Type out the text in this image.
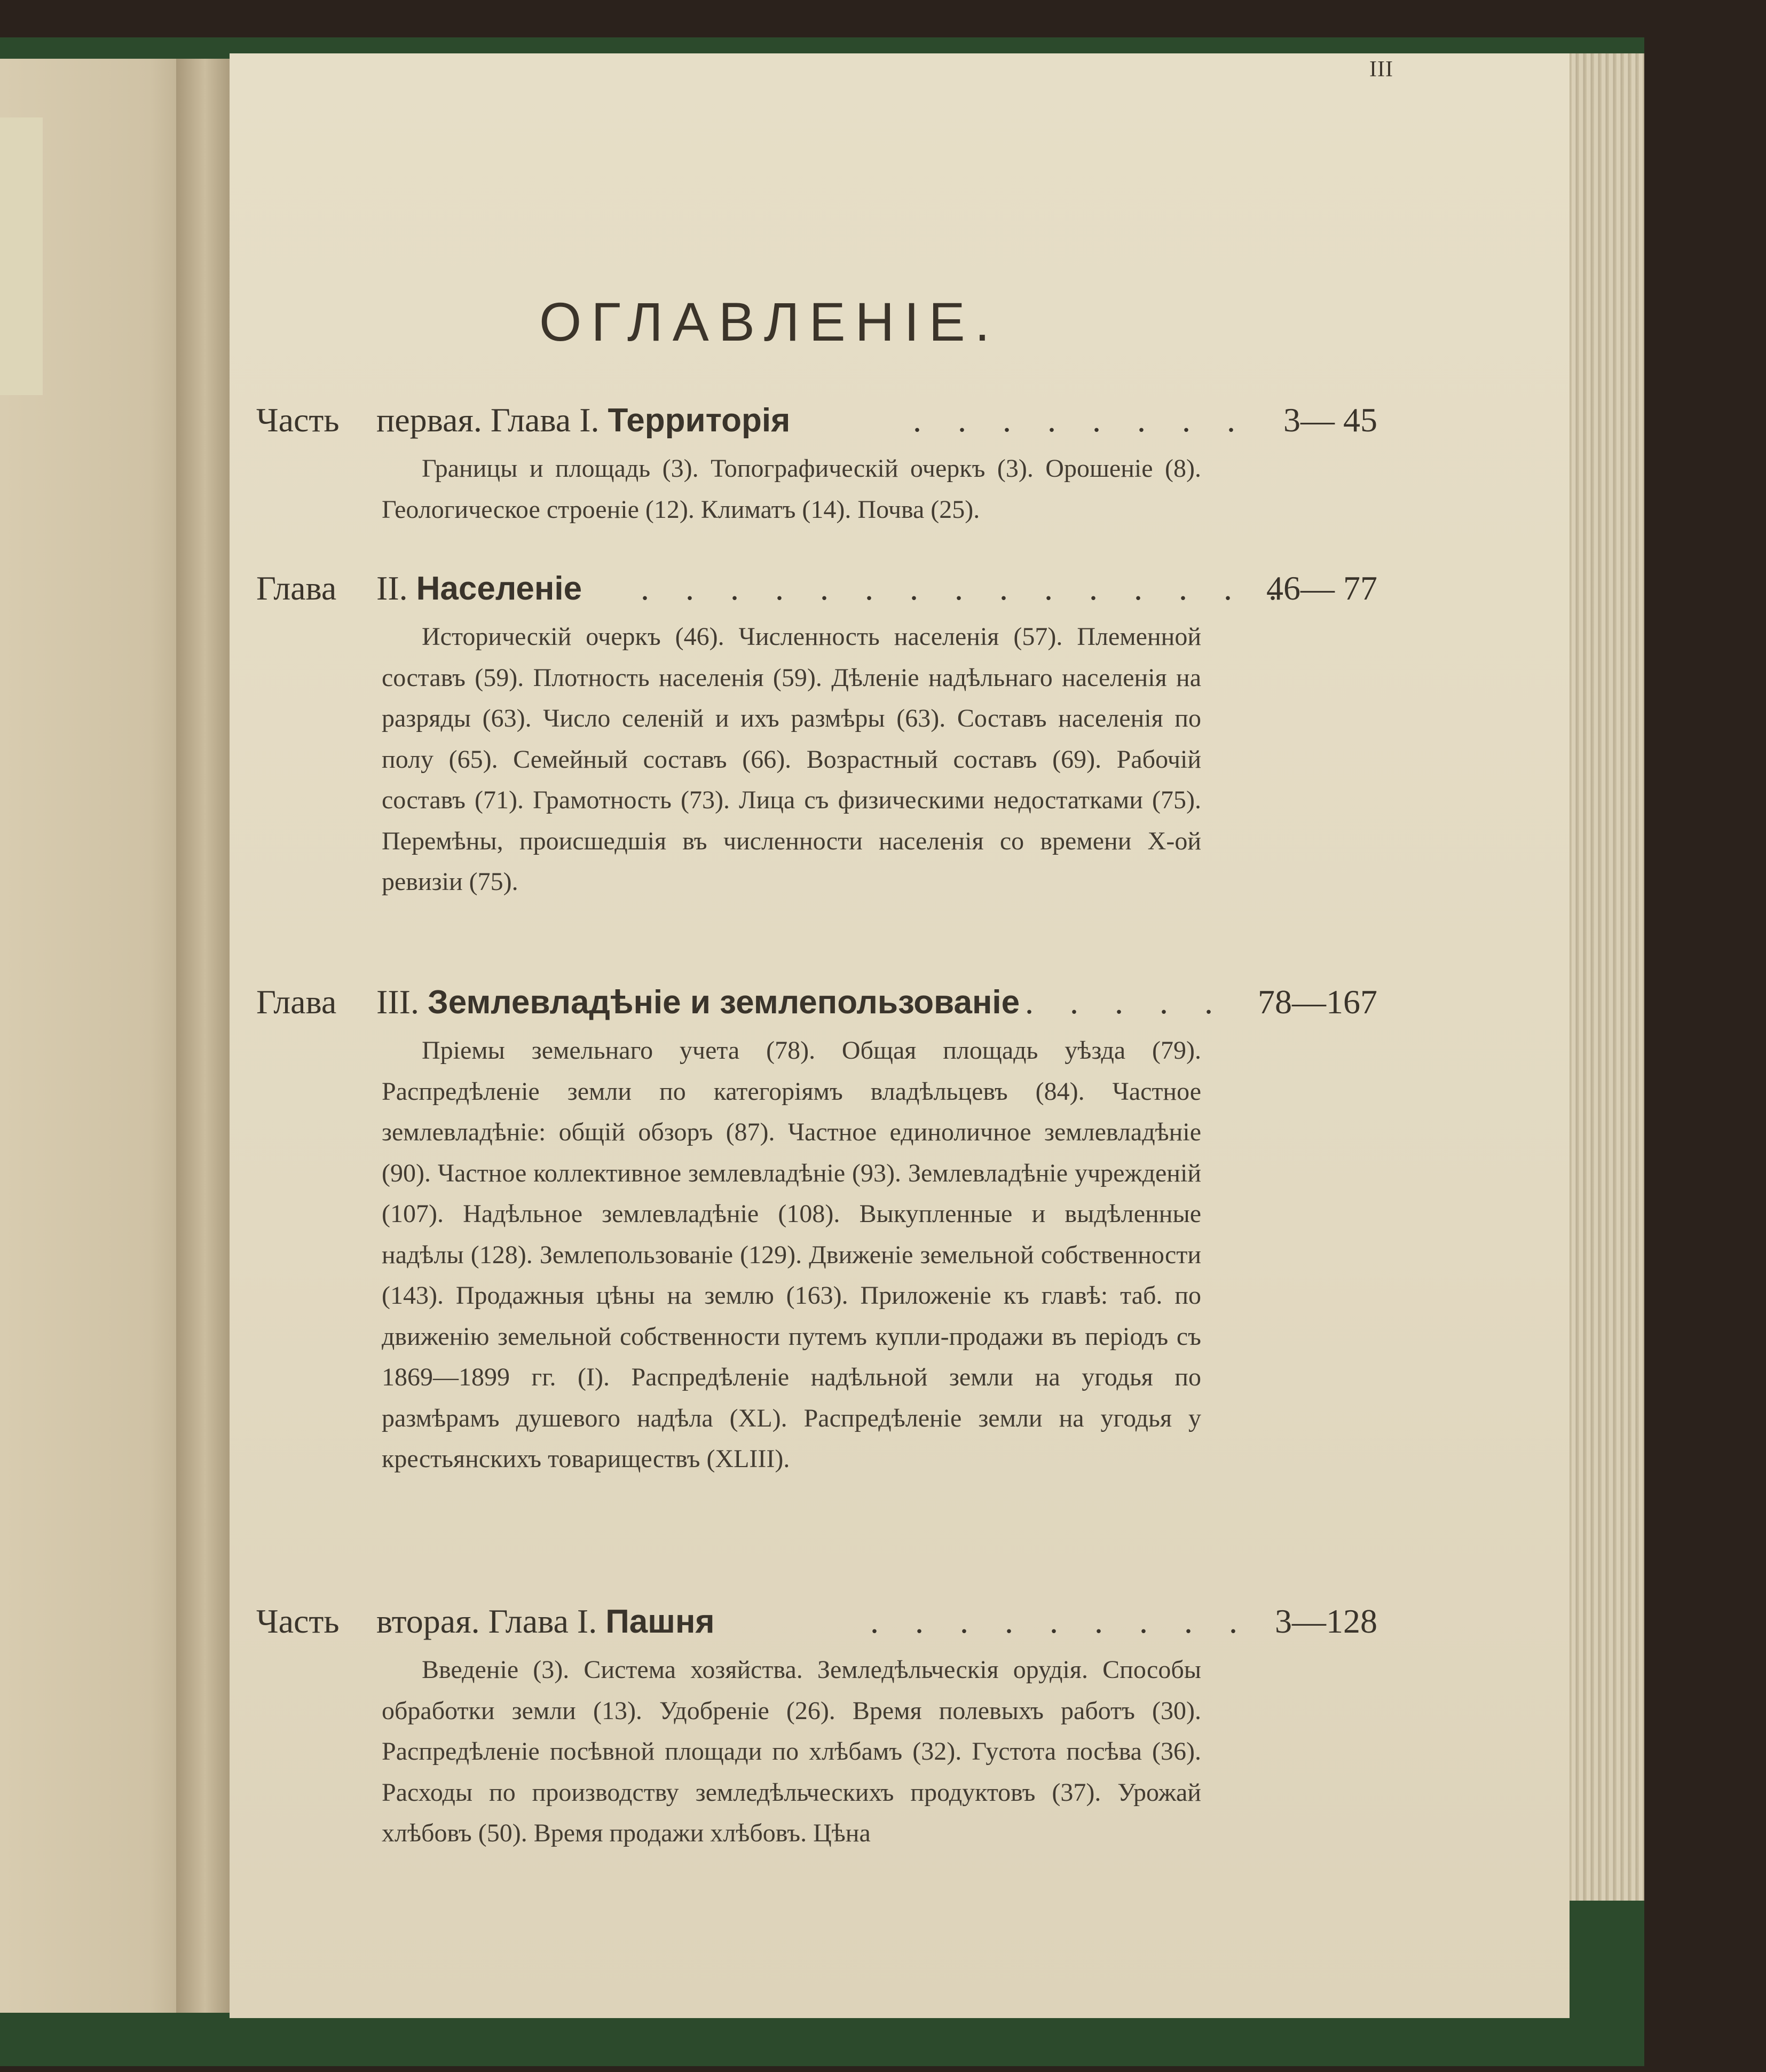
III
ОГЛАВЛЕНІЕ.
Часть первая. Глава I. Территорія	. . . . . . . . 3— 45
Границы и площадь (3). Топографическій очеркъ (3). Орошеніе (8). Геологическое строеніе (12). Климатъ (14). Почва (25).
Глава II. Населеніе . . . . . . . . . . . . . . .
46— 77
Историческій очеркъ (46). Численность населенія (57). Племенной составъ (59). Плотность населенія (59). Дѣленіе надѣльнаго населенія на разряды (63). Число селеній и ихъ размѣры (63). Составъ населенія по полу (65). Семейный составъ (66). Возрастный составъ (69). Рабочій составъ (71). Грамотность (73). Лица съ физическими недостатками (75). Перемѣны, происшедшія въ численности населенія со времени X-ой ревизіи (75).
Глава III. Землевладѣніе и землепользованіе . . . . . 78—167
Пріемы земельнаго учета (78). Общая площадь уѣзда (79). Распредѣленіе земли по категоріямъ владѣльцевъ (84). Частное землевладѣніе: общій обзоръ (87). Частное единоличное землевладѣніе (90). Частное коллективное землевладѣніе (93). Землевладѣніе учрежденій (107). Надѣльное землевладѣніе (108). Выкупленные и выдѣленные надѣлы (128). Землепользованіе (129). Движеніе земельной собственности (143). Продажныя цѣны на землю (163). Приложеніе къ главѣ: таб. по движенію земельной собственности путемъ купли-продажи въ періодъ съ 1869—1899 гг. (I). Распредѣленіе надѣльной земли на угодья по размѣрамъ душевого надѣла (XL). Распредѣленіе земли на угодья у крестьянскихъ товариществъ (XLIII).
Часть вторая. Глава I. Пашня	. . . . . . . . . 3—128
Введеніе (3). Система хозяйства. Земледѣльческія орудія. Способы обработки земли (13). Удобреніе (26). Время полевыхъ работъ (30). Распредѣленіе посѣвной площади по хлѣбамъ (32). Густота посѣва (36). Расходы по производству земледѣльческихъ продуктовъ (37). Урожай хлѣбовъ (50). Время продажи хлѣбовъ. Цѣна
